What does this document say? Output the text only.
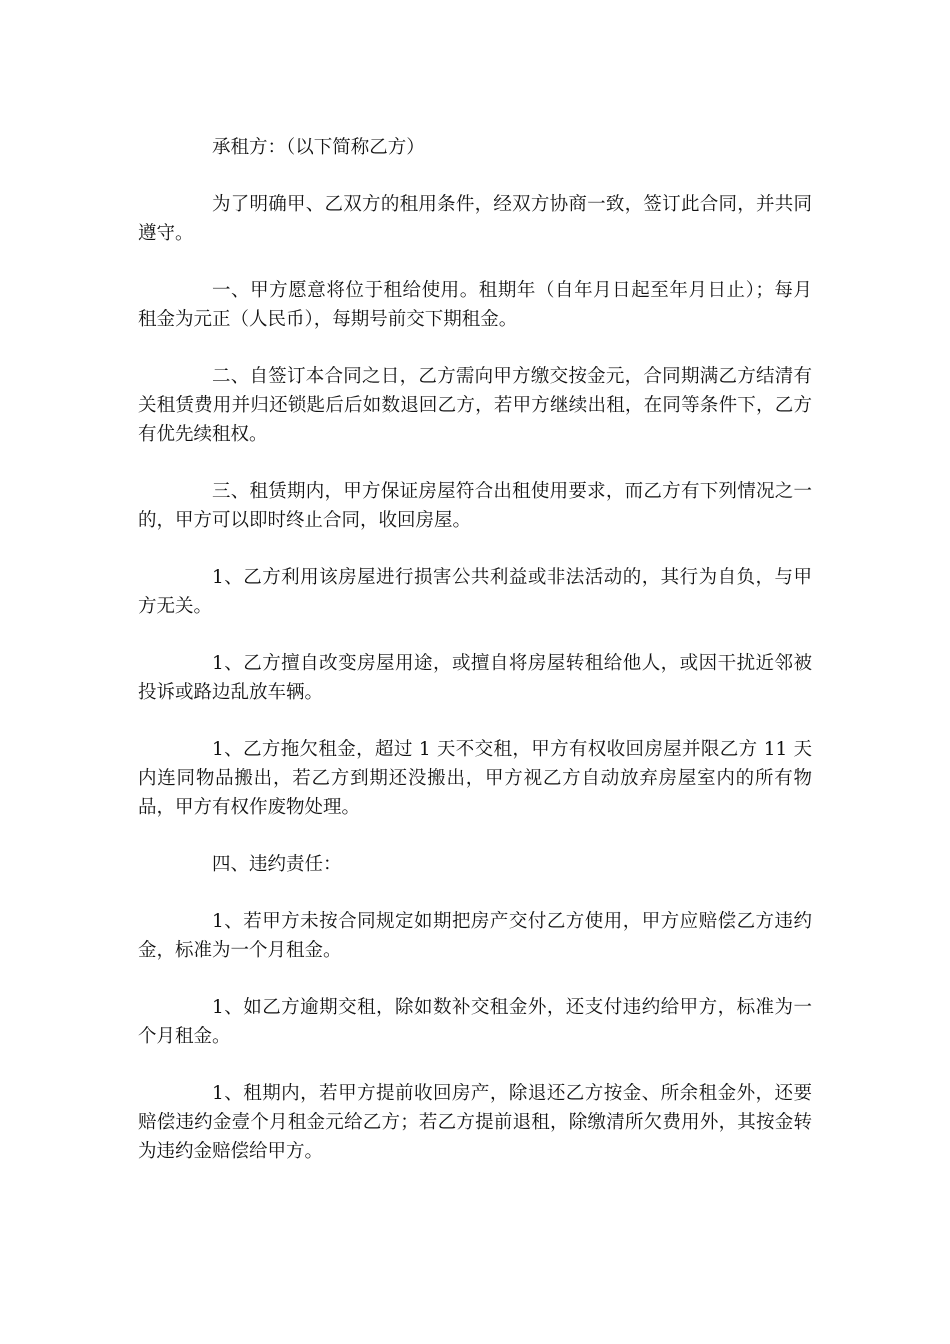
承租方：（以下简称乙方）

为了明确甲、乙双方的租用条件，经双方协商一致，签订此合同，并共同遵守。

一、甲方愿意将位于租给使用。租期年（自年月日起至年月日止）；每月租金为元正（人民币），每期号前交下期租金。

二、自签订本合同之日，乙方需向甲方缴交按金元，合同期满乙方结清有关租赁费用并归还锁匙后后如数退回乙方，若甲方继续出租，在同等条件下，乙方有优先续租权。

三、租赁期内，甲方保证房屋符合出租使用要求，而乙方有下列情况之一的，甲方可以即时终止合同，收回房屋。

1、乙方利用该房屋进行损害公共利益或非法活动的，其行为自负，与甲方无关。

1、乙方擅自改变房屋用途，或擅自将房屋转租给他人，或因干扰近邻被投诉或路边乱放车辆。

1、乙方拖欠租金，超过 1 天不交租，甲方有权收回房屋并限乙方 11 天内连同物品搬出，若乙方到期还没搬出，甲方视乙方自动放弃房屋室内的所有物品，甲方有权作废物处理。

四、违约责任：

1、若甲方未按合同规定如期把房产交付乙方使用，甲方应赔偿乙方违约金，标准为一个月租金。

1、如乙方逾期交租，除如数补交租金外，还支付违约给甲方，标准为一个月租金。

1、租期内，若甲方提前收回房产，除退还乙方按金、所余租金外，还要赔偿违约金壹个月租金元给乙方；若乙方提前退租，除缴清所欠费用外，其按金转为违约金赔偿给甲方。
